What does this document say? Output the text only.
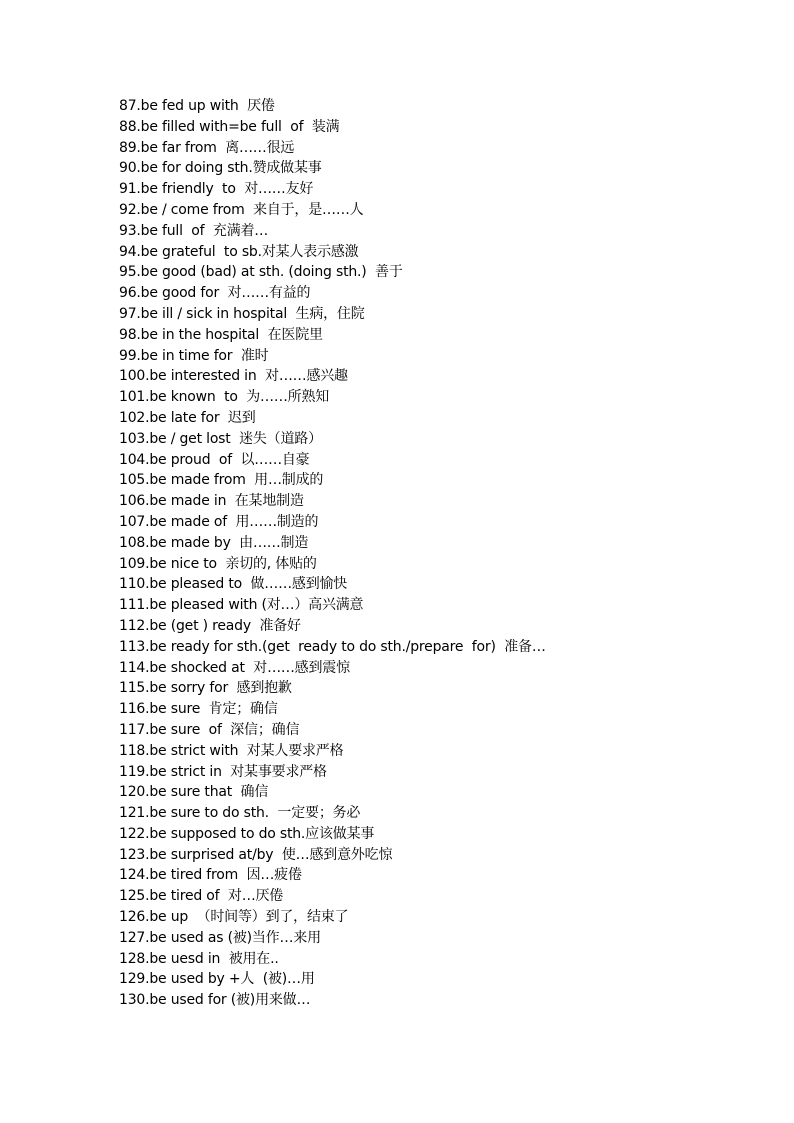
87.be fed up with  厌倦
88.be filled with=be full  of  装满
89.be far from  离……很远
90.be for doing sth.赞成做某事
91.be friendly  to  对……友好
92.be / come from  来自于，是……人
93.be full  of  充满着…
94.be grateful  to sb.对某人表示感激
95.be good (bad) at sth. (doing sth.)  善于
96.be good for  对……有益的
97.be ill / sick in hospital  生病，住院
98.be in the hospital  在医院里
99.be in time for  准时
100.be interested in  对……感兴趣
101.be known  to  为……所熟知
102.be late for  迟到
103.be / get lost  迷失（道路）
104.be proud  of  以……自豪
105.be made from  用…制成的
106.be made in  在某地制造
107.be made of  用……制造的
108.be made by  由……制造
109.be nice to  亲切的, 体贴的
110.be pleased to  做……感到愉快
111.be pleased with (对…）高兴满意
112.be (get ) ready  准备好
113.be ready for sth.(get  ready to do sth./prepare  for)  准备…
114.be shocked at  对……感到震惊
115.be sorry for  感到抱歉
116.be sure  肯定；确信
117.be sure  of  深信；确信
118.be strict with  对某人要求严格
119.be strict in  对某事要求严格
120.be sure that  确信
121.be sure to do sth.  一定要；务必
122.be supposed to do sth.应该做某事
123.be surprised at/by  使…感到意外吃惊
124.be tired from  因…疲倦
125.be tired of  对…厌倦
126.be up  （时间等）到了，结束了
127.be used as (被)当作…来用
128.be uesd in  被用在..
129.be used by +人  (被)…用
130.be used for (被)用来做…
